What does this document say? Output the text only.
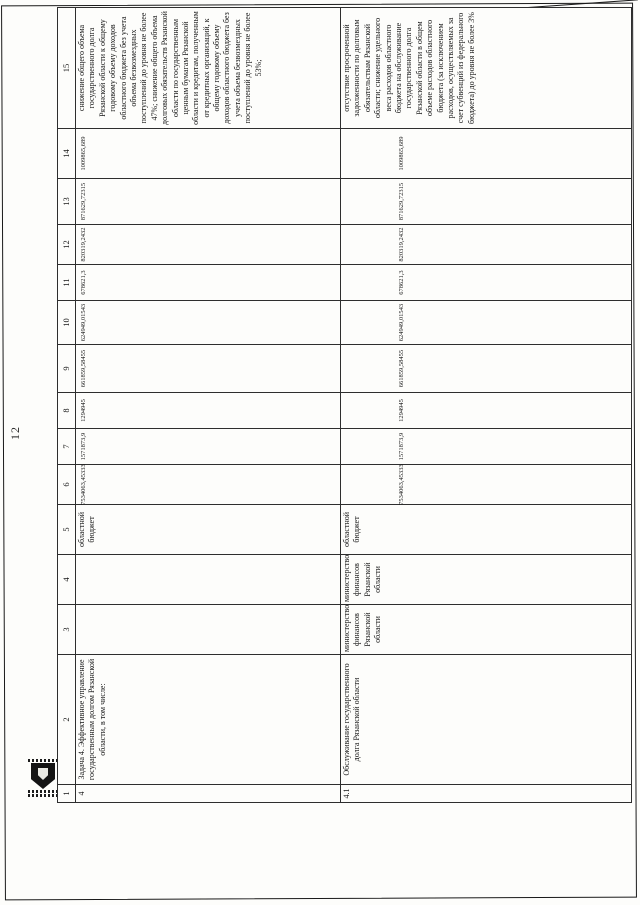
12
1	2	3	4	5	6	7	8	9	10	11	12	13	14	15
4	Задача 4. Эффективное управление государственным долгом Рязанской области, в том числе:			областной бюджет	7534063,45333	1571873,9	1294945	661859,58455	624949,01543	678621,3	820319,2432	871629,72315	1009865,689	снижение общего объема государственного долга Рязанской области к общему годовому объему доходов областного бюджета без учета объема безвозмездных поступлений до уровня не более 47%; снижение общего объема долговых обязательств Рязанской области по государственным ценным бумагам Рязанской области и кредитам, полученным от кредитных организаций, к общему годовому объему доходов областного бюджета без учета объема безвозмездных поступлений до уровня не более 53%;
4.1	Обслуживание государственного долга Рязанской области	министерство финансов Рязанской области	министерство финансов Рязанской области	областной бюджет	7534063,45333	1571873,9	1294945	661859,58455	624949,01543	678621,3	820319,2432	871629,72315	1009865,689	отсутствие просроченной задолженности по долговым обязательствам Рязанской области; снижение удельного веса расходов областного бюджета на обслуживание государственного долга Рязанской области в общем объеме расходов областного бюджета (за исключением расходов, осуществляемых за счет субвенций из федерального бюджета) до уровня не более 3%
